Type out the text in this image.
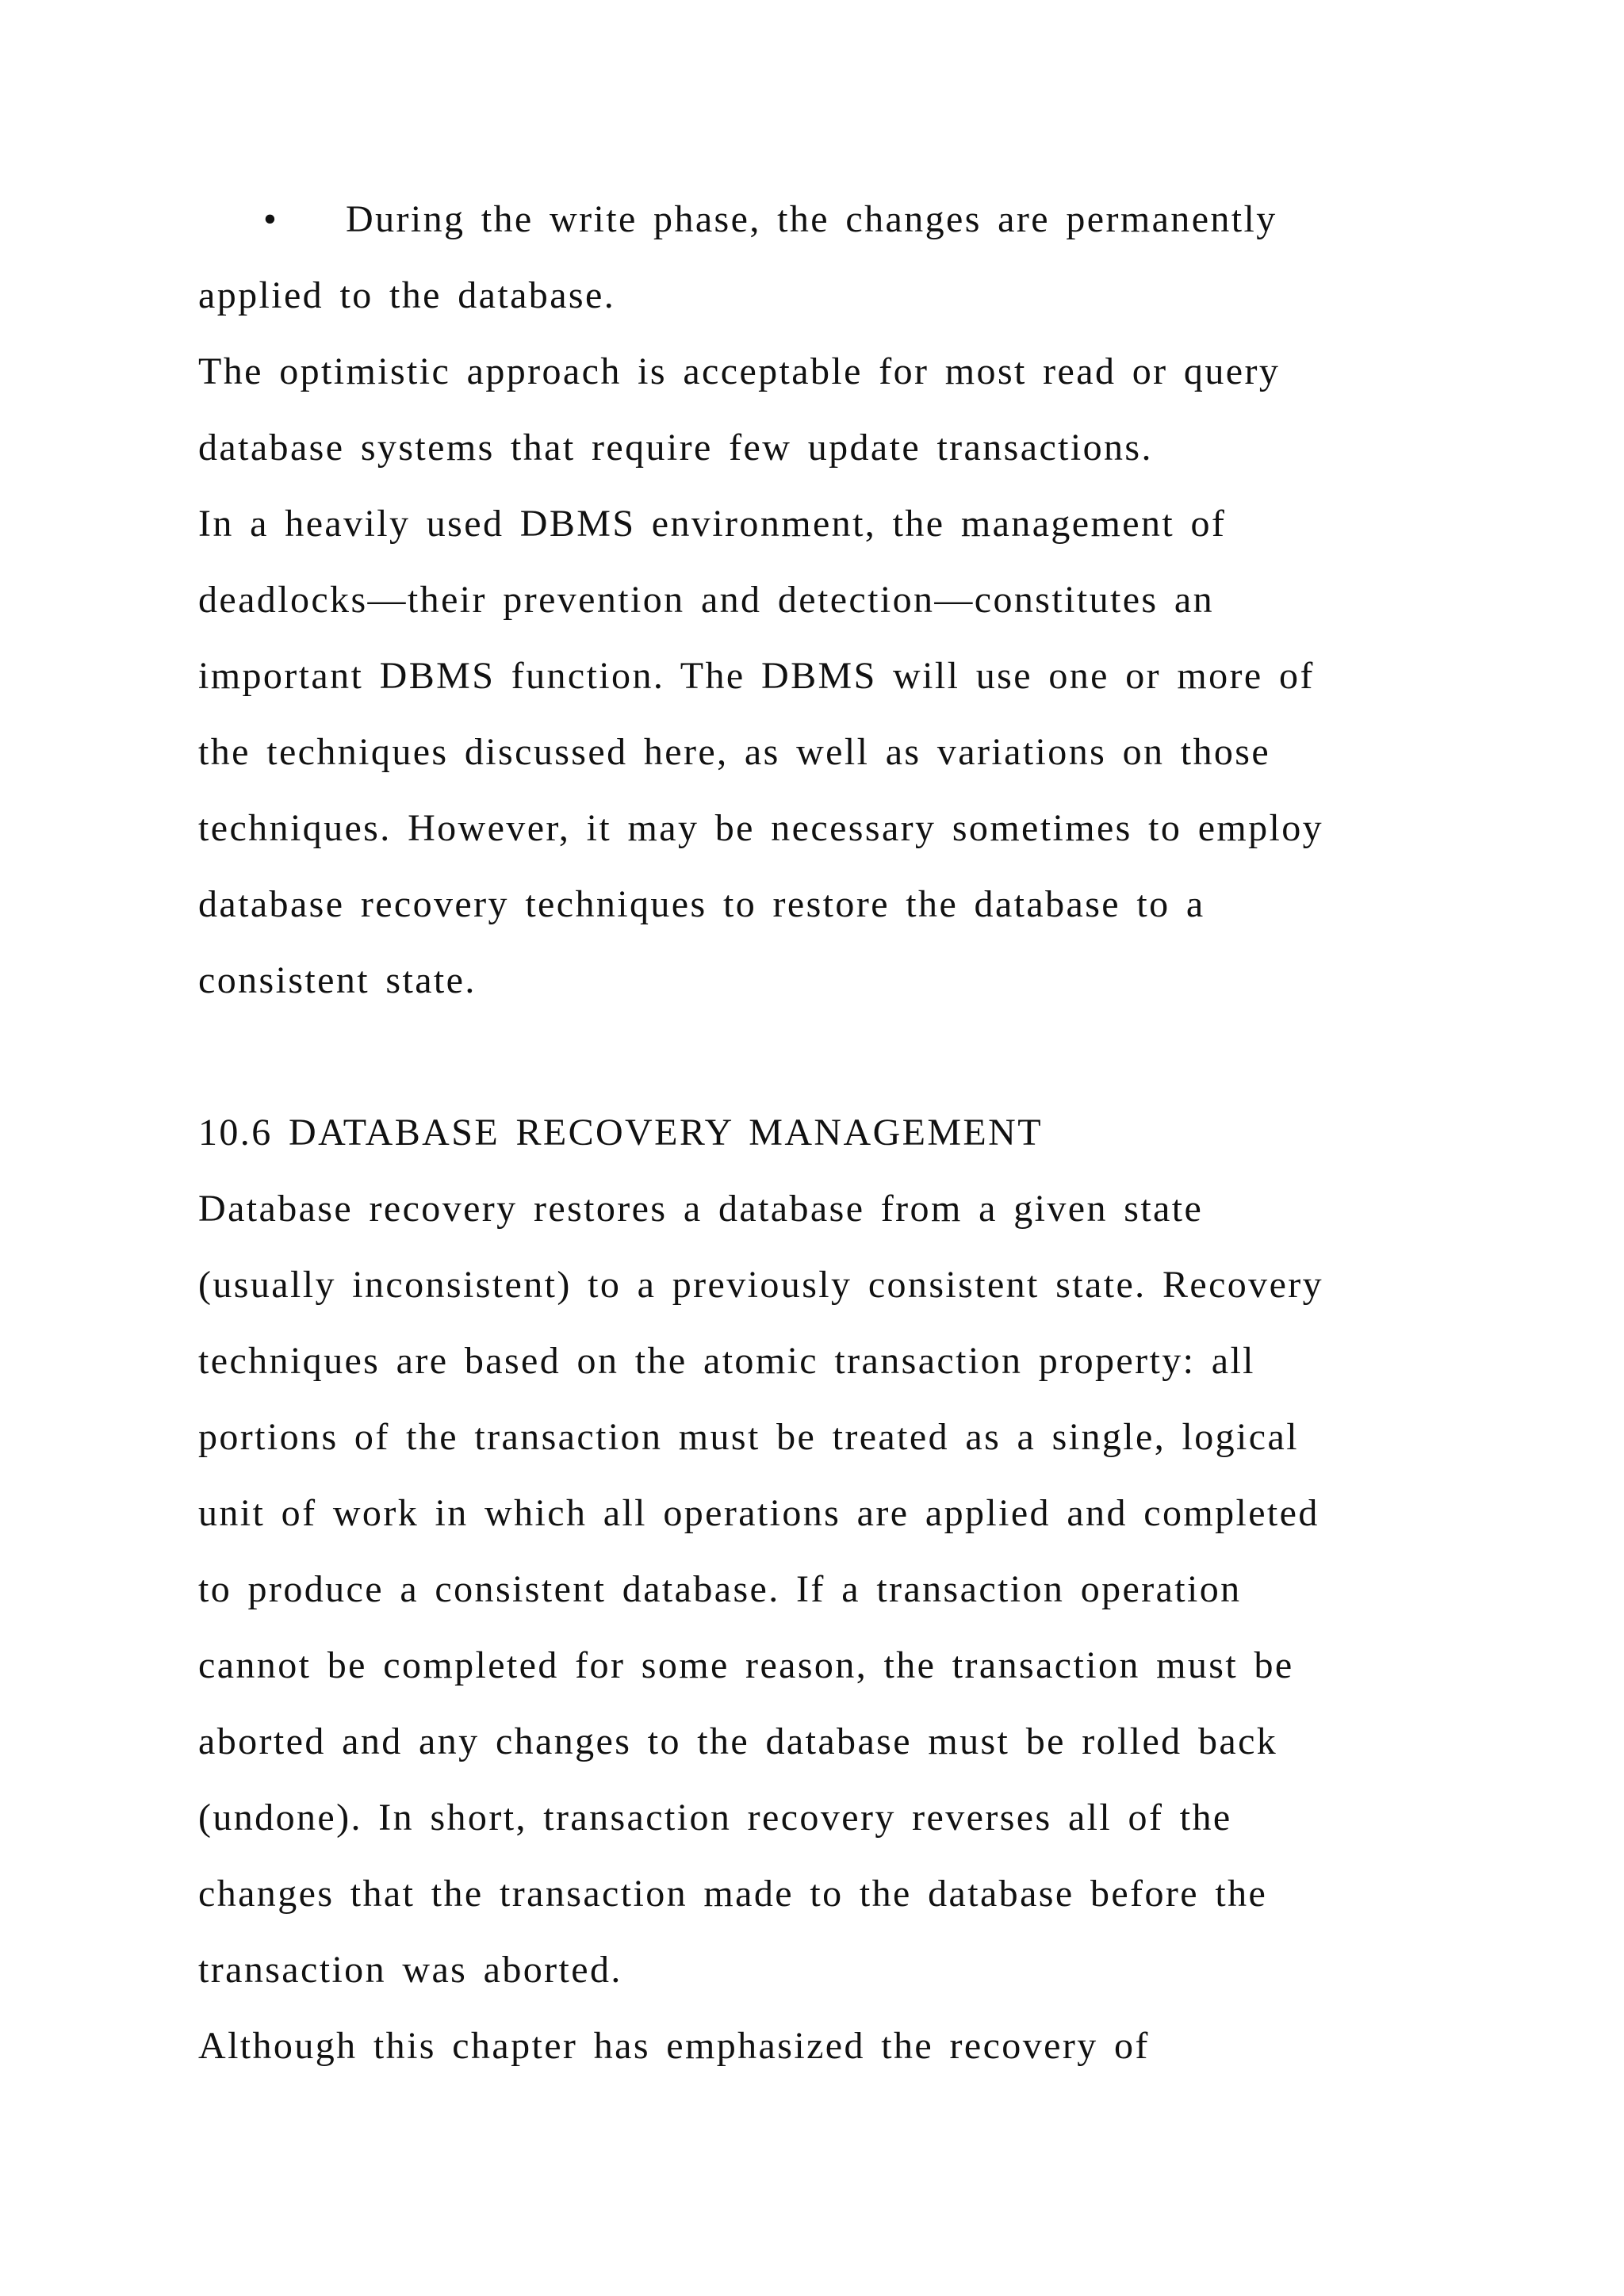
• During the write phase, the changes are permanently
applied to the database.
The optimistic approach is acceptable for most read or query
database systems that require few update transactions.
In a heavily used DBMS environment, the management of
deadlocks—their prevention and detection—constitutes an
important DBMS function. The DBMS will use one or more of
the techniques discussed here, as well as variations on those
techniques. However, it may be necessary sometimes to employ
database recovery techniques to restore the database to a
consistent state.
10.6 DATABASE RECOVERY MANAGEMENT
Database recovery restores a database from a given state
(usually inconsistent) to a previously consistent state. Recovery
techniques are based on the atomic transaction property: all
portions of the transaction must be treated as a single, logical
unit of work in which all operations are applied and completed
to produce a consistent database. If a transaction operation
cannot be completed for some reason, the transaction must be
aborted and any changes to the database must be rolled back
(undone). In short, transaction recovery reverses all of the
changes that the transaction made to the database before the
transaction was aborted.
Although this chapter has emphasized the recovery of
